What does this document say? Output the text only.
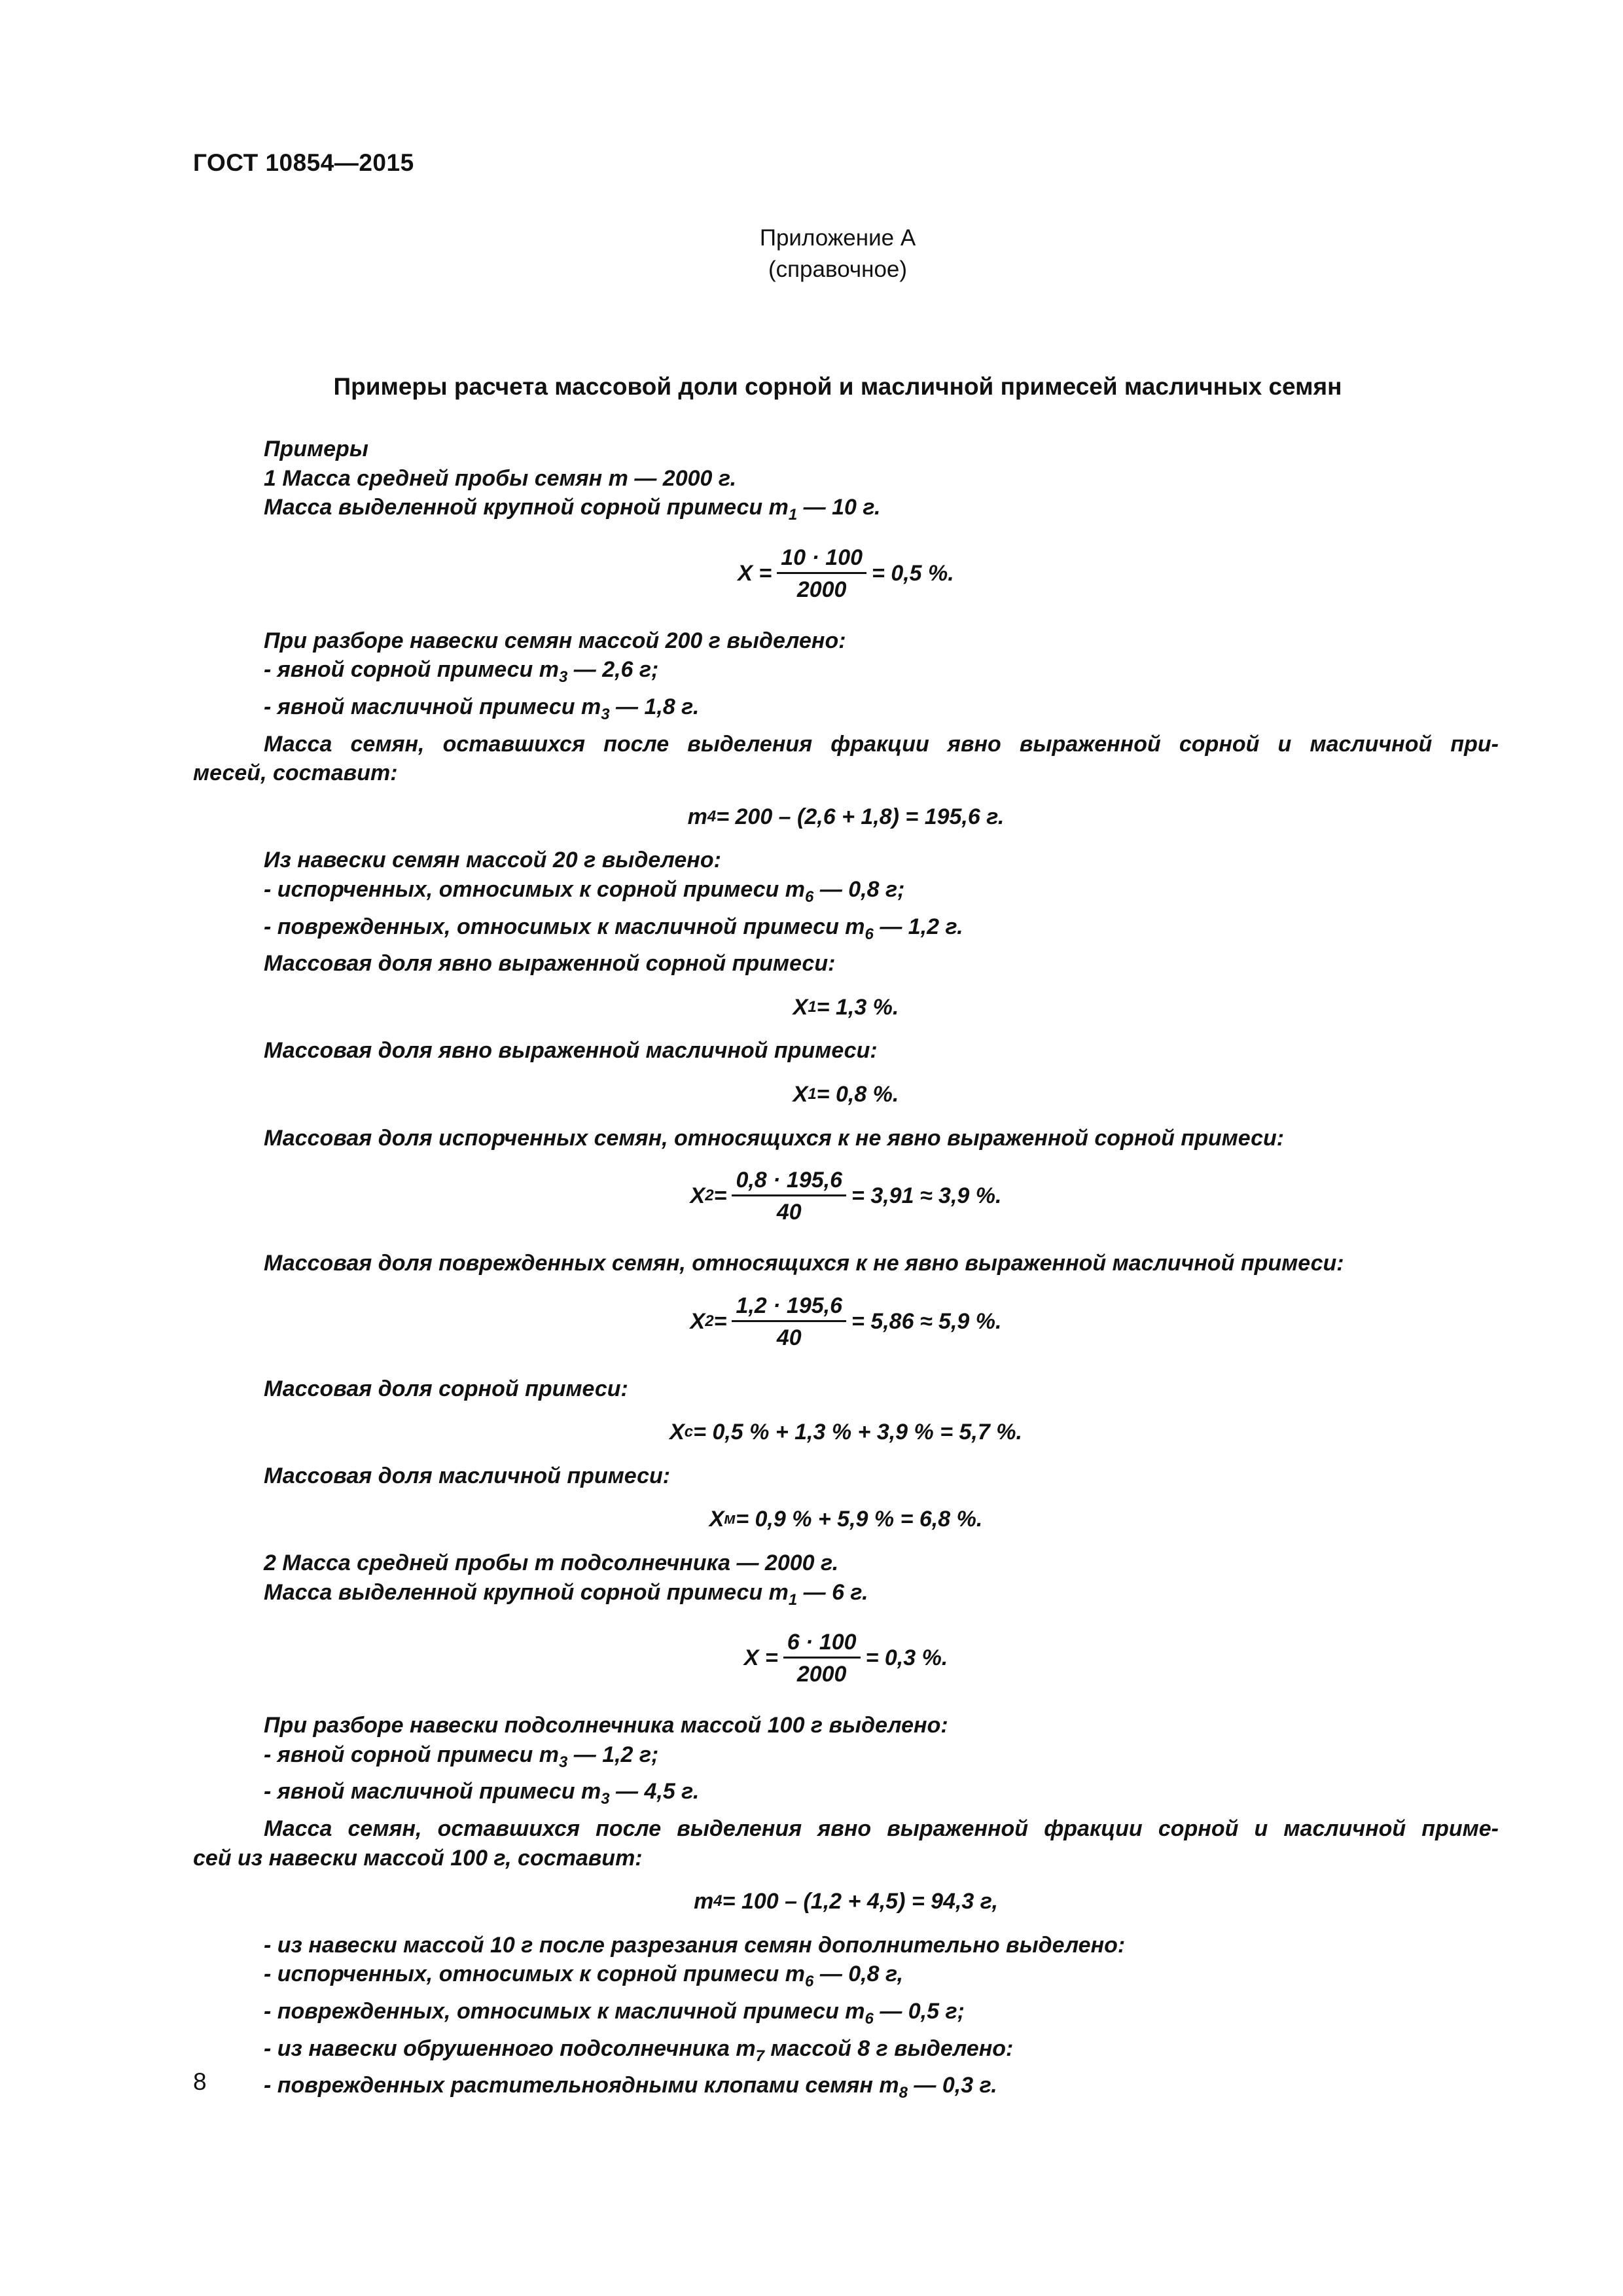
ГОСТ 10854—2015
Приложение А
(справочное)
Примеры расчета массовой доли сорной и масличной примесей масличных семян
Примеры
1 Масса средней пробы семян m — 2000 г.
Масса выделенной крупной сорной примеси $m_1$ — 10 г.
$X = \frac{10 \cdot 100}{2000} = 0,5$ %.
При разборе навески семян массой 200 г выделено:
- явной сорной примеси $m_3$ — 2,6 г;
- явной масличной примеси $m_3$ — 1,8 г.
Масса семян, оставшихся после выделения фракции явно выраженной сорной и масличной при-
месей, составит:
m 4 = 200 – (2,6 + 1,8) = 195,6 г.
Из навески семян массой 20 г выделено:
- испорченных, относимых к сорной примеси $m_6$ — 0,8 г;
- поврежденных, относимых к масличной примеси $m_6$ — 1,2 г.
Массовая доля явно выраженной сорной примеси:
X 1 = 1,3 %.
Массовая доля явно выраженной масличной примеси:
X 1 = 0,8 %.
Массовая доля испорченных семян, относящихся к не явно выраженной сорной примеси:
X $2 = \frac{0,8 \cdot 195,6}{40} = 3,91 \approx 3,9$ %.
Массовая доля поврежденных семян, относящихся к не явно выраженной масличной примеси:
X $2 = \frac{1,2 \cdot 195,6}{40} = 5,86 \approx 5,9$ %.
Массовая доля сорной примеси:
X с = 0,5 % + 1,3 % + 3,9 % = 5,7 %.
Массовая доля масличной примеси:
X м = 0,9 % + 5,9 % = 6,8 %.
2 Масса средней пробы m подсолнечника — 2000 г.
Масса выделенной крупной сорной примеси $m_1$ — 6 г.
$X = \frac{6 \cdot 100}{2000} = 0,3$ %.
При разборе навески подсолнечника массой 100 г выделено:
- явной сорной примеси $m_3$ — 1,2 г;
- явной масличной примеси $m_3$ — 4,5 г.
Масса семян, оставшихся после выделения явно выраженной фракции сорной и масличной приме-
сей из навески массой 100 г, составит:
m 4 = 100 – (1,2 + 4,5) = 94,3 г,
- из навески массой 10 г после разрезания семян дополнительно выделено:
- испорченных, относимых к сорной примеси $m_6$ — 0,8 г,
- поврежденных, относимых к масличной примеси $m_6$ — 0,5 г;
- из навески обрушенного подсолнечника $m_7$ массой 8 г выделено:
- поврежденных растительноядными клопами семян $m_8$ — 0,3 г.
8
